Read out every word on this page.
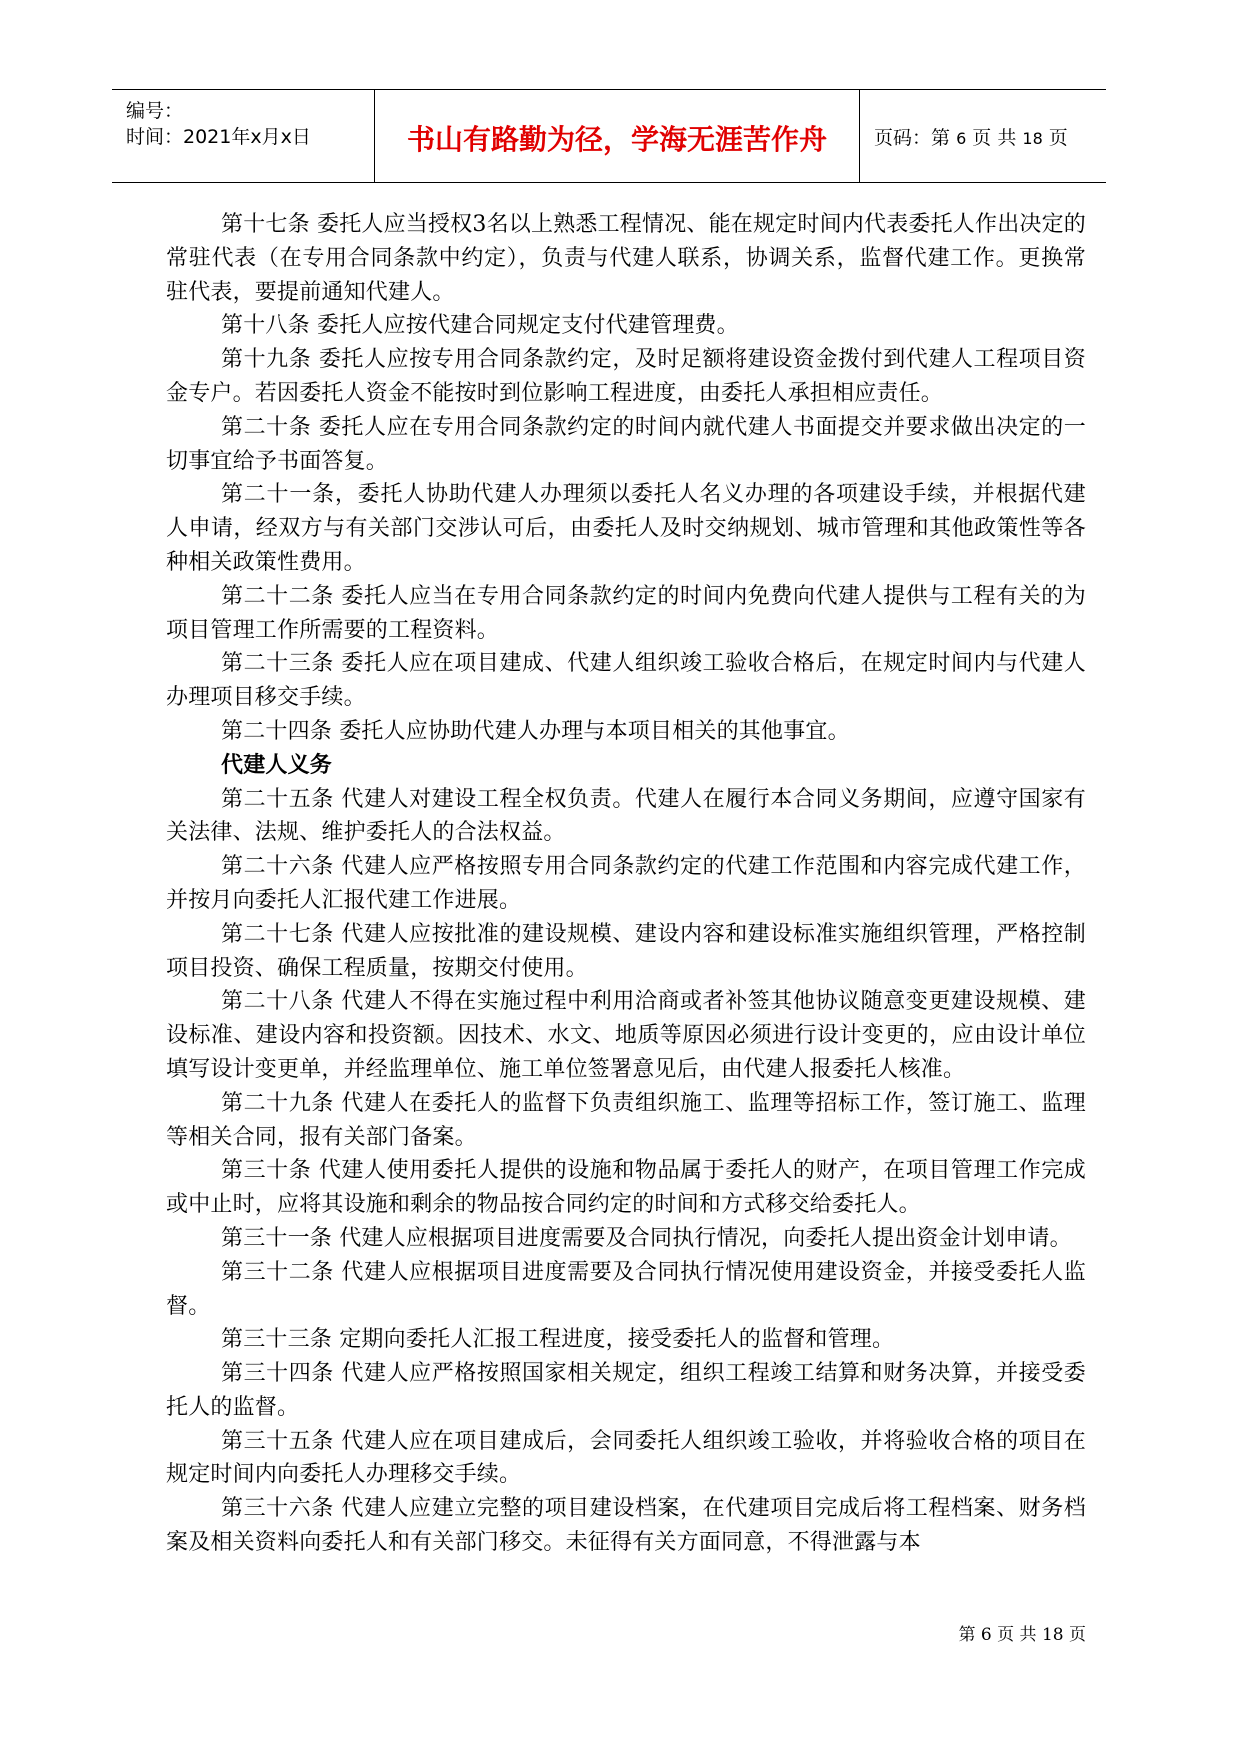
编号：
时间：2021年x月x日	书山有路勤为径，学海无涯苦作舟	页码：第 6 页 共 18 页

第十七条 委托人应当授权3名以上熟悉工程情况、能在规定时间内代表委托人作出决定的常驻代表（在专用合同条款中约定），负责与代建人联系，协调关系，监督代建工作。更换常驻代表，要提前通知代建人。

第十八条 委托人应按代建合同规定支付代建管理费。

第十九条 委托人应按专用合同条款约定，及时足额将建设资金拨付到代建人工程项目资金专户。若因委托人资金不能按时到位影响工程进度，由委托人承担相应责任。

第二十条 委托人应在专用合同条款约定的时间内就代建人书面提交并要求做出决定的一切事宜给予书面答复。

第二十一条，委托人协助代建人办理须以委托人名义办理的各项建设手续，并根据代建人申请，经双方与有关部门交涉认可后，由委托人及时交纳规划、城市管理和其他政策性等各种相关政策性费用。

第二十二条 委托人应当在专用合同条款约定的时间内免费向代建人提供与工程有关的为项目管理工作所需要的工程资料。

第二十三条 委托人应在项目建成、代建人组织竣工验收合格后，在规定时间内与代建人办理项目移交手续。

第二十四条 委托人应协助代建人办理与本项目相关的其他事宜。

代建人义务

第二十五条 代建人对建设工程全权负责。代建人在履行本合同义务期间，应遵守国家有关法律、法规、维护委托人的合法权益。

第二十六条 代建人应严格按照专用合同条款约定的代建工作范围和内容完成代建工作，并按月向委托人汇报代建工作进展。

第二十七条 代建人应按批准的建设规模、建设内容和建设标准实施组织管理，严格控制项目投资、确保工程质量，按期交付使用。

第二十八条 代建人不得在实施过程中利用洽商或者补签其他协议随意变更建设规模、建设标准、建设内容和投资额。因技术、水文、地质等原因必须进行设计变更的，应由设计单位填写设计变更单，并经监理单位、施工单位签署意见后，由代建人报委托人核准。

第二十九条 代建人在委托人的监督下负责组织施工、监理等招标工作，签订施工、监理等相关合同，报有关部门备案。

第三十条 代建人使用委托人提供的设施和物品属于委托人的财产，在项目管理工作完成或中止时，应将其设施和剩余的物品按合同约定的时间和方式移交给委托人。

第三十一条 代建人应根据项目进度需要及合同执行情况，向委托人提出资金计划申请。

第三十二条 代建人应根据项目进度需要及合同执行情况使用建设资金，并接受委托人监督。

第三十三条 定期向委托人汇报工程进度，接受委托人的监督和管理。

第三十四条 代建人应严格按照国家相关规定，组织工程竣工结算和财务决算，并接受委托人的监督。

第三十五条 代建人应在项目建成后，会同委托人组织竣工验收，并将验收合格的项目在规定时间内向委托人办理移交手续。

第三十六条 代建人应建立完整的项目建设档案，在代建项目完成后将工程档案、财务档案及相关资料向委托人和有关部门移交。未征得有关方面同意，不得泄露与本

第 6 页 共 18 页
